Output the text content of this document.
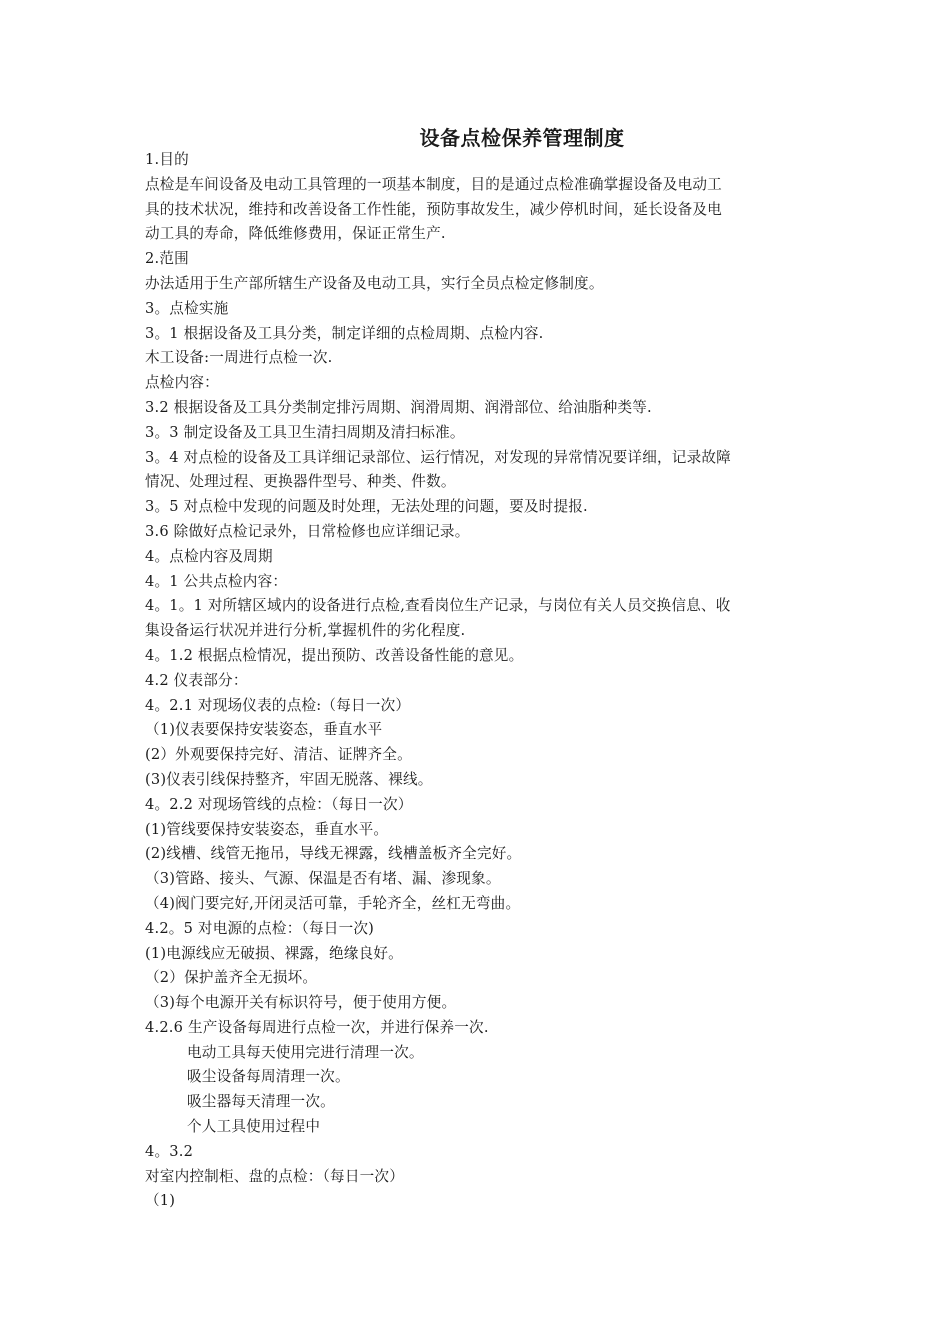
设备点检保养管理制度
1.目的
点检是车间设备及电动工具管理的一项基本制度，目的是通过点检准确掌握设备及电动工
具的技术状况，维持和改善设备工作性能，预防事故发生，减少停机时间，延长设备及电
动工具的寿命，降低维修费用，保证正常生产.
2.范围
办法适用于生产部所辖生产设备及电动工具，实行全员点检定修制度。
3。点检实施
3。1 根据设备及工具分类，制定详细的点检周期、点检内容.
木工设备:一周进行点检一次.
点检内容：
3.2 根据设备及工具分类制定排污周期、润滑周期、润滑部位、给油脂种类等.
3。3 制定设备及工具卫生清扫周期及清扫标准。
3。4 对点检的设备及工具详细记录部位、运行情况，对发现的异常情况要详细，记录故障
情况、处理过程、更换器件型号、种类、件数。
3。5 对点检中发现的问题及时处理，无法处理的问题，要及时提报.
3.6 除做好点检记录外，日常检修也应详细记录。
4。点检内容及周期
4。1 公共点检内容：
4。1。1 对所辖区域内的设备进行点检,查看岗位生产记录，与岗位有关人员交换信息、收
集设备运行状况并进行分析,掌握机件的劣化程度.
4。1.2 根据点检情况，提出预防、改善设备性能的意见。
4.2 仪表部分：
4。2.1 对现场仪表的点检:（每日一次）
（1)仪表要保持安装姿态，垂直水平
(2）外观要保持完好、清洁、证牌齐全。
(3)仪表引线保持整齐，牢固无脱落、裸线。
4。2.2 对现场管线的点检：（每日一次）
(1)管线要保持安装姿态，垂直水平。
(2)线槽、线管无拖吊，导线无裸露，线槽盖板齐全完好。
（3)管路、接头、气源、保温是否有堵、漏、渗现象。
（4)阀门要完好,开闭灵活可靠，手轮齐全，丝杠无弯曲。
4.2。5 对电源的点检：（每日一次)
(1)电源线应无破损、裸露，绝缘良好。
（2）保护盖齐全无损坏。
（3)每个电源开关有标识符号，便于使用方便。
4.2.6 生产设备每周进行点检一次，并进行保养一次.
电动工具每天使用完进行清理一次。
吸尘设备每周清理一次。
吸尘器每天清理一次。
个人工具使用过程中
4。3.2
对室内控制柜、盘的点检：（每日一次）
（1)
